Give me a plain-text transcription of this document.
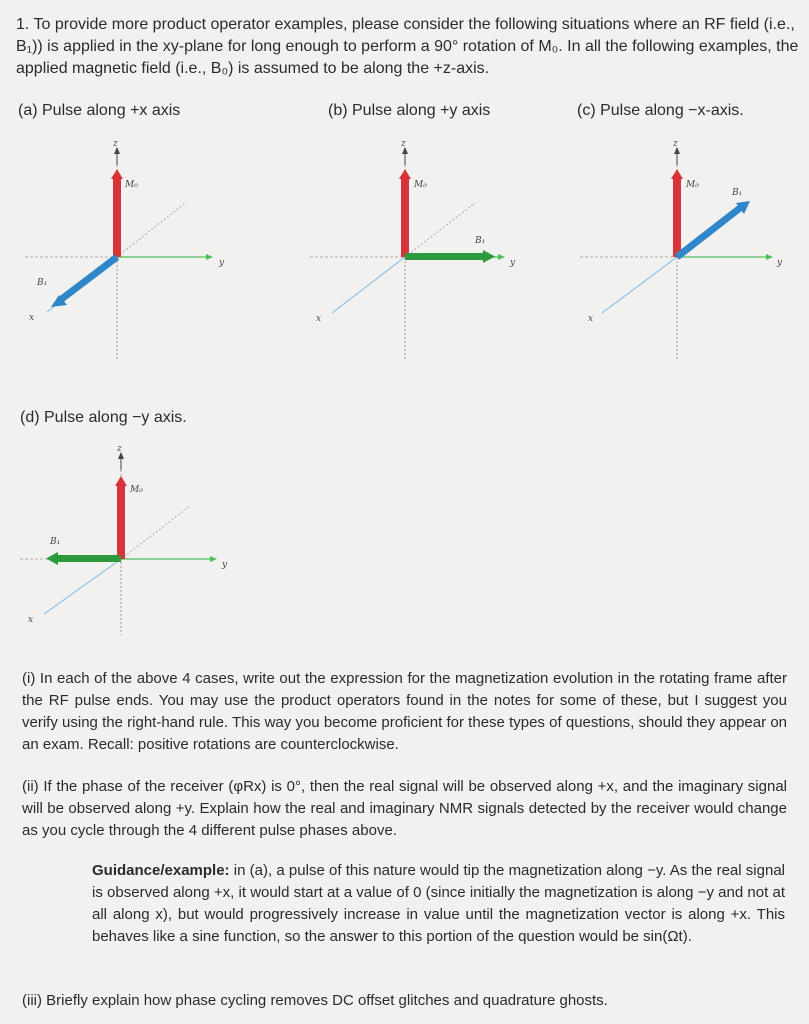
1. To provide more product operator examples, please consider the following situations where an RF field (i.e., B₁)) is applied in the xy-plane for long enough to perform a 90° rotation of M₀. In all the following examples, the applied magnetic field (i.e., B₀) is assumed to be along the +z-axis.
(a) Pulse along +x axis	(b) Pulse along +y axis	(c) Pulse along −x-axis.
(d) Pulse along −y axis.
z
y
x
M₀
B₁
z
y
x
M₀
B₁
z
y
x
M₀
B₁
z
y
x
M₀
B₁
(i) In each of the above 4 cases, write out the expression for the magnetization evolution in the rotating frame after the RF pulse ends. You may use the product operators found in the notes for some of these, but I suggest you verify using the right-hand rule. This way you become proficient for these types of questions, should they appear on an exam. Recall: positive rotations are counterclockwise.
(ii) If the phase of the receiver (φRx) is 0°, then the real signal will be observed along +x, and the imaginary signal will be observed along +y. Explain how the real and imaginary NMR signals detected by the receiver would change as you cycle through the 4 different pulse phases above.
Guidance/example: in (a), a pulse of this nature would tip the magnetization along −y. As the real signal is observed along +x, it would start at a value of 0 (since initially the magnetization is along −y and not at all along x), but would progressively increase in value until the magnetization vector is along +x. This behaves like a sine function, so the answer to this portion of the question would be sin(Ωt).
(iii) Briefly explain how phase cycling removes DC offset glitches and quadrature ghosts.
